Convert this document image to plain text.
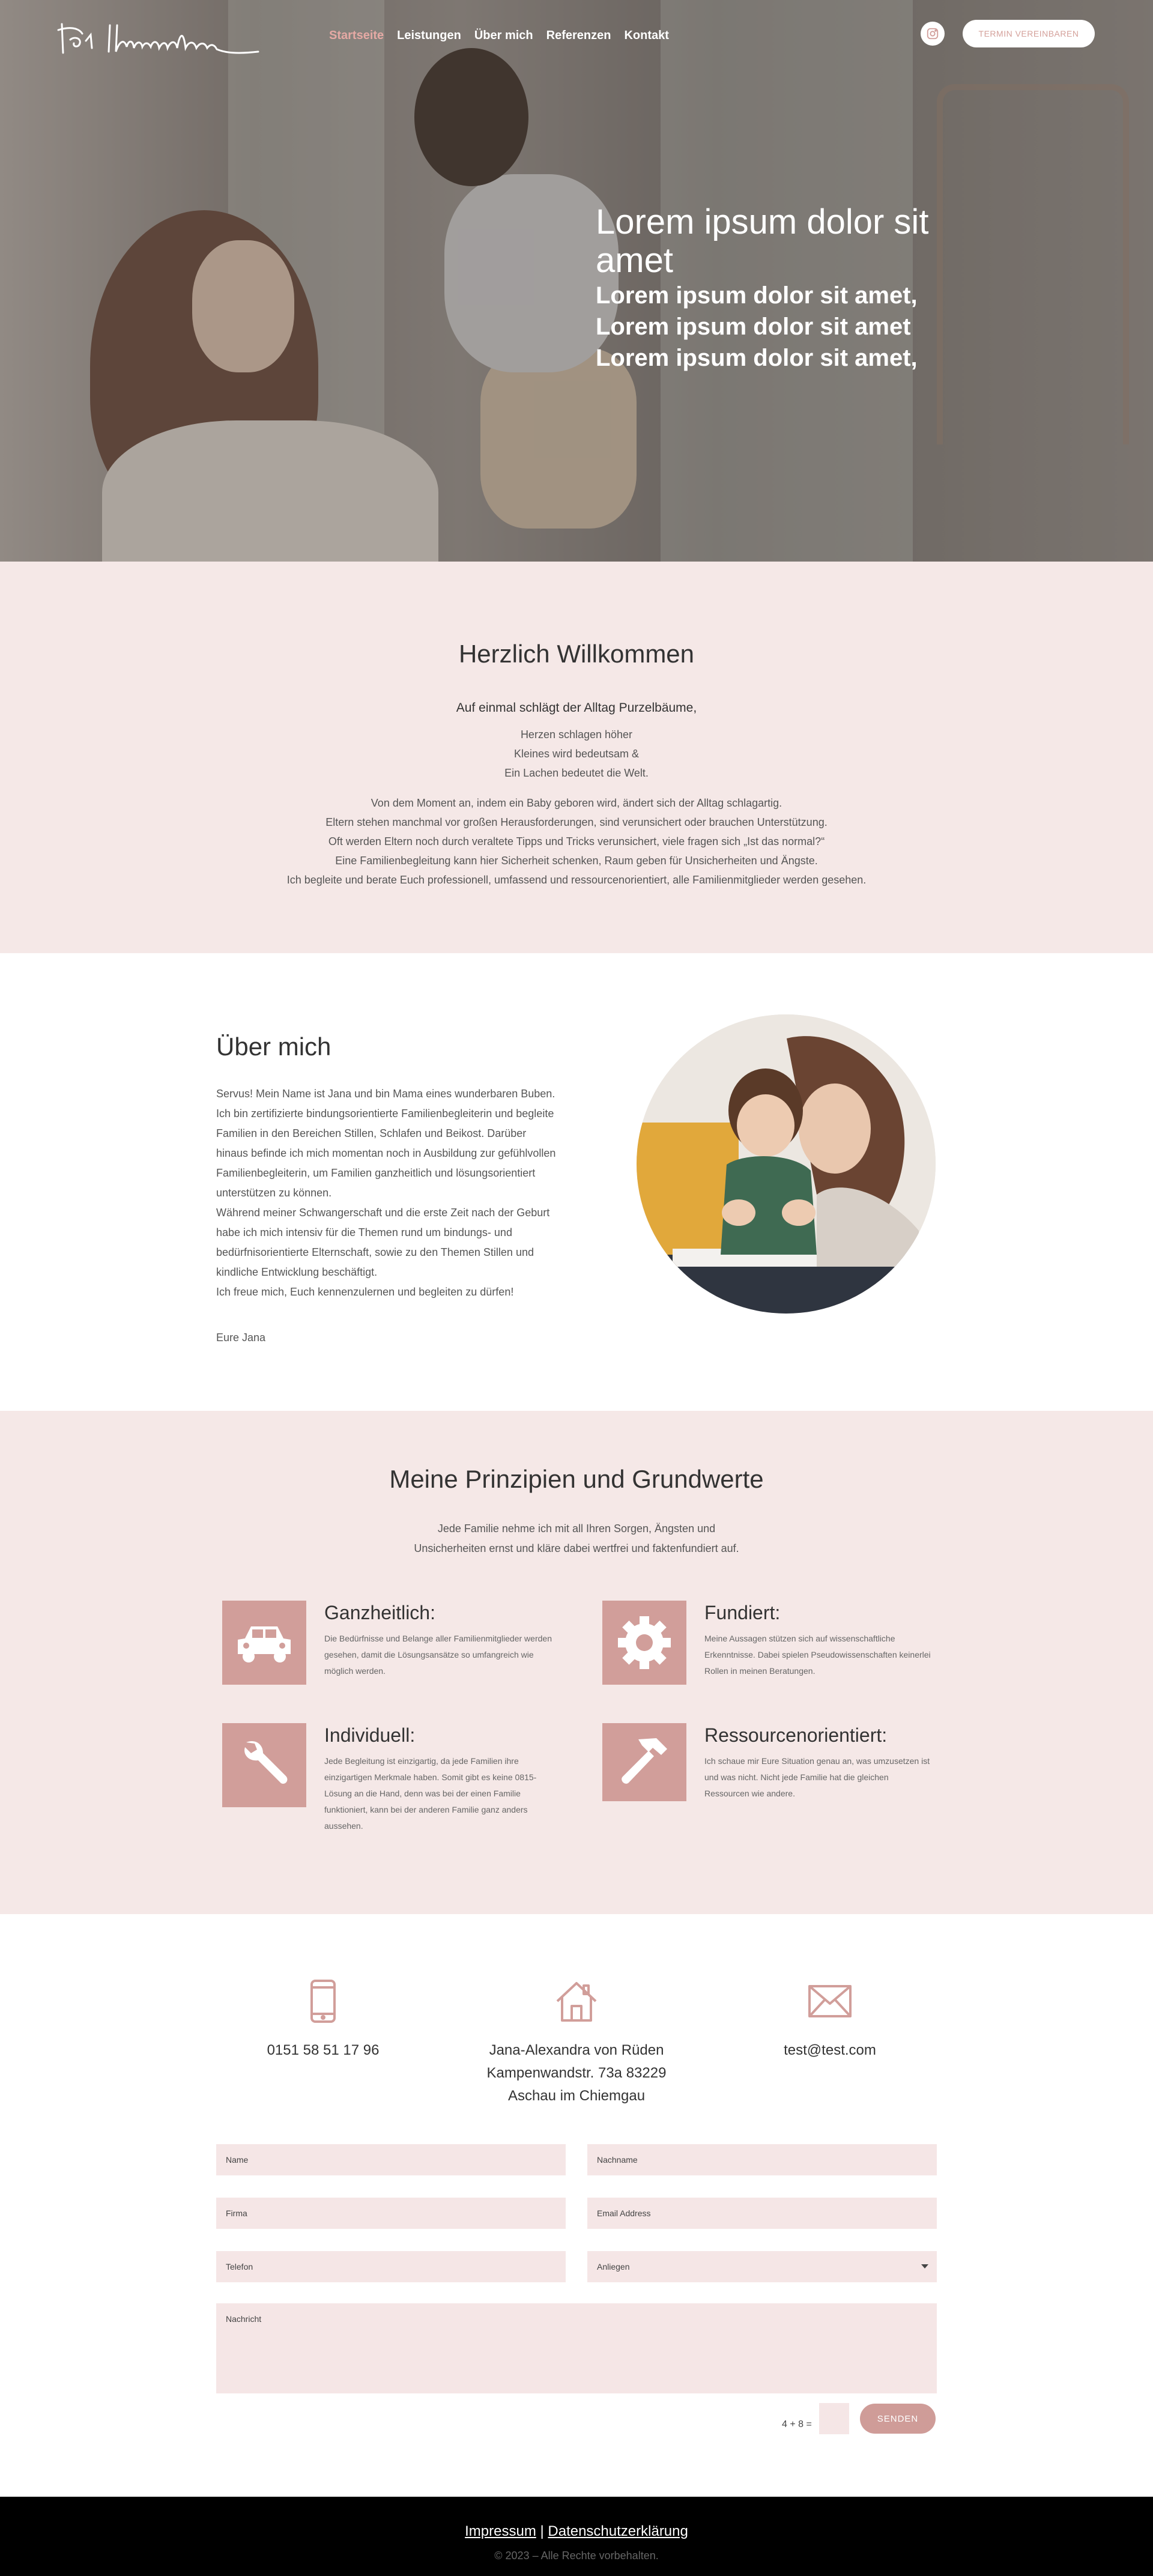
Startseite Leistungen Über mich Referenzen Kontakt	TERMIN VEREINBAREN
Lorem ipsum dolor sit amet

Lorem ipsum dolor sit amet,

Lorem ipsum dolor sit amet

Lorem ipsum dolor sit amet,

Herzlich Willkommen

Auf einmal schlägt der Alltag Purzelbäume,

Herzen schlagen höher
Kleines wird bedeutsam &
Ein Lachen bedeutet die Welt.
Von dem Moment an, indem ein Baby geboren wird, ändert sich der Alltag schlagartig.
Eltern stehen manchmal vor großen Herausforderungen, sind verunsichert oder brauchen Unterstützung.
Oft werden Eltern noch durch veraltete Tipps und Tricks verunsichert, viele fragen sich „Ist das normal?“
Eine Familienbegleitung kann hier Sicherheit schenken, Raum geben für Unsicherheiten und Ängste.
Ich begleite und berate Euch professionell, umfassend und ressourcenorientiert, alle Familienmitglieder werden gesehen.
Über mich
Servus! Mein Name ist Jana und bin Mama eines wunderbaren Buben.
Ich bin zertifizierte bindungsorientierte Familienbegleiterin und begleite Familien in den Bereichen Stillen, Schlafen und Beikost. Darüber hinaus befinde ich mich momentan noch in Ausbildung zur gefühlvollen Familienbegleiterin, um Familien ganzheitlich und lösungsorientiert unterstützen zu können.
Während meiner Schwangerschaft und die erste Zeit nach der Geburt habe ich mich intensiv für die Themen rund um bindungs- und bedürfnisorientierte Elternschaft, sowie zu den Themen Stillen und kindliche Entwicklung beschäftigt.
Ich freue mich, Euch kennenzulernen und begleiten zu dürfen!

Eure Jana

Meine Prinzipien und Grundwerte
Jede Familie nehme ich mit all Ihren Sorgen, Ängsten und
Unsicherheiten ernst und kläre dabei wertfrei und faktenfundiert auf.
Ganzheitlich:

Die Bedürfnisse und Belange aller Familienmitglieder werden gesehen, damit die Lösungsansätze so umfangreich wie möglich werden.

Fundiert:

Meine Aussagen stützen sich auf wissenschaftliche Erkenntnisse. Dabei spielen Pseudowissenschaften keinerlei Rollen in meinen Beratungen.

Individuell:

Jede Begleitung ist einzigartig, da jede Familien ihre einzigartigen Merkmale haben. Somit gibt es keine 0815-Lösung an die Hand, denn was bei der einen Familie funktioniert, kann bei der anderen Familie ganz anders aussehen.

Ressourcenorientiert:

Ich schaue mir Eure Situation genau an, was umzusetzen ist und was nicht. Nicht jede Familie hat die gleichen Ressourcen wie andere.

0151 58 51 17 96	Jana-Alexandra von Rüden
Kampenwandstr. 73a 83229
Aschau im Chiemgau
test@test.com
Name	Nachname
Firma	Email Address
Telefon	Anliegen
Nachricht
4 + 8 =
SENDEN
Impressum | Datenschutzerklärung
© 2023 – Alle Rechte vorbehalten.
